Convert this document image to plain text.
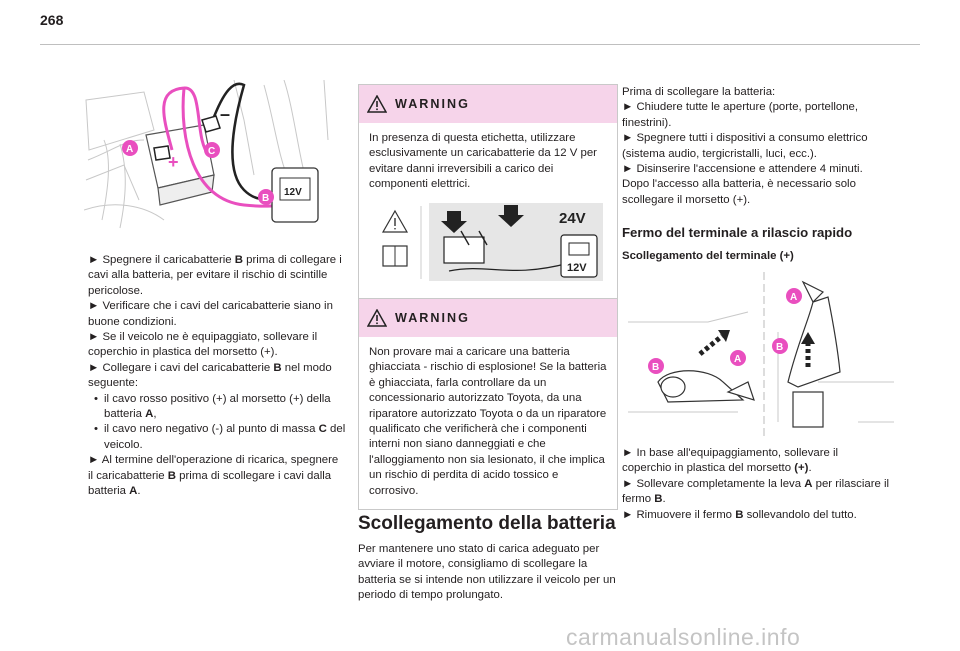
268
12V
–
+
A	C
B

► Spegnere il caricabatterie B prima di collegare i cavi alla batteria, per evitare il rischio di scintille pericolose.

► Verificare che i cavi del caricabatterie siano in buone condizioni.

► Se il veicolo ne è equipaggiato, sollevare il coperchio in plastica del morsetto (+).

► Collegare i cavi del caricabatterie B nel modo seguente:

• il cavo rosso positivo (+) al morsetto (+) della batteria A,

• il cavo nero negativo (-) al punto di massa C del veicolo.

► Al termine dell'operazione di ricarica, spegnere il caricabatterie B prima di scollegare i cavi dalla batteria A.

WARNING

In presenza di questa etichetta, utilizzare esclusivamente un caricabatterie da 12 V per evitare danni irreversibili a carico dei componenti elettrici.

24V
12V
WARNING

Non provare mai a caricare una batteria ghiacciata - rischio di esplosione! Se la batteria è ghiacciata, farla controllare da un concessionario autorizzato Toyota, da una riparatore autorizzato Toyota o da un riparatore qualificato che verificherà che i componenti interni non siano danneggiati e che l'alloggiamento non sia lesionato, il che implica un rischio di perdita di acido tossico e corrosivo.

Scollegamento della batteria
Per mantenere uno stato di carica adeguato per avviare il motore, consigliamo di scollegare la batteria se si intende non utilizzare il veicolo per un periodo di tempo prolungato.

Prima di scollegare la batteria:

► Chiudere tutte le aperture (porte, portellone, finestrini).

► Spegnere tutti i dispositivi a consumo elettrico (sistema audio, tergicristalli, luci, ecc.).

► Disinserire l'accensione e attendere 4 minuti.

Dopo l'accesso alla batteria, è necessario solo scollegare il morsetto (+).

Fermo del terminale a rilascio rapido
Scollegamento del terminale (+)
A
B
A
B

► In base all'equipaggiamento, sollevare il coperchio in plastica del morsetto (+).

► Sollevare completamente la leva A per rilasciare il fermo B.

► Rimuovere il fermo B sollevandolo del tutto.

carmanualsonline.info
